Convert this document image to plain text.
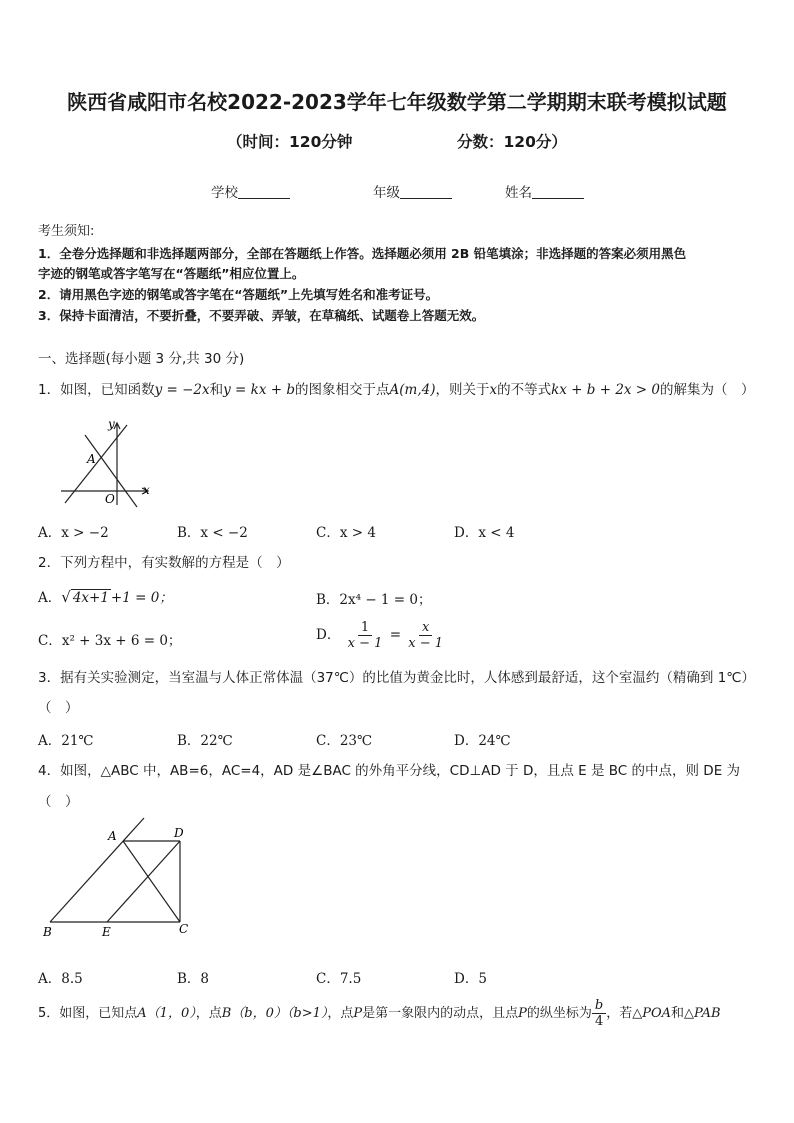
陕西省咸阳市名校2022-2023学年七年级数学第二学期期末联考模拟试题
（时间：120分钟	分数：120分）
学校	年级	姓名
考生须知:
1．全卷分选择题和非选择题两部分，全部在答题纸上作答。选择题必须用 2B 铅笔填涂；非选择题的答案必须用黑色
字迹的钢笔或答字笔写在“答题纸”相应位置上。
2．请用黑色字迹的钢笔或答字笔在“答题纸”上先填写姓名和准考证号。
3．保持卡面清洁，不要折叠，不要弄破、弄皱，在草稿纸、试题卷上答题无效。
一、选择题(每小题 3 分,共 30 分)
1．如图，已知函数y = −2x和y = kx + b的图象相交于点A(m,4)，则关于x的不等式kx + b + 2x > 0的解集为（　）
y
x
A
O
A．x > −2	B．x < −2	C．x > 4	D．x < 4
2．下列方程中，有实数解的方程是（　）
A．√ 4x+1 +1 = 0；	B．2x⁴ − 1 = 0；
C．x² + 3x + 6 = 0；	D． $\frac{1}{x - 1} = \frac{x}{x - 1}$
3．据有关实验测定，当室温与人体正常体温（37℃）的比值为黄金比时，人体感到最舒适，这个室温约（精确到 1℃）
（　）
A．21℃	B．22℃	C．23℃	D．24℃
4．如图，△ABC 中，AB=6，AC=4，AD 是∠BAC 的外角平分线，CD⊥AD 于 D，且点 E 是 BC 的中点，则 DE 为
（　）
A	D
B	E	C
A．8.5	B．8	C．7.5	D．5
5．如图，已知点A（1，0），点B（b，0）（b>1），点P是第一象限内的动点，且点P的纵坐标为 $\frac{b}{4}$ ，若△POA和△PAB
